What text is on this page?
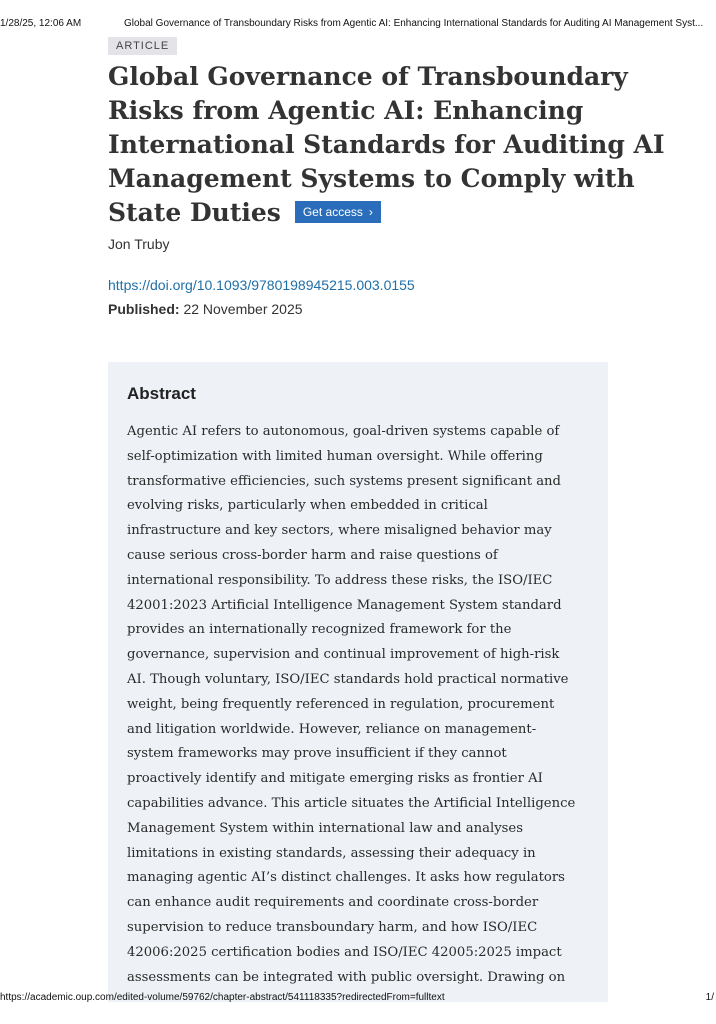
1/28/25, 12:06 AM	Global Governance of Transboundary Risks from Agentic AI: Enhancing International Standards for Auditing AI Management Syst...
ARTICLE
Global Governance of Transboundary
Risks from Agentic AI: Enhancing
International Standards for Auditing AI
Management Systems to Comply with
State Duties Get access ›
Jon Truby
https://doi.org/10.1093/9780198945215.003.0155
Published: 22 November 2025
Abstract
Agentic AI refers to autonomous, goal-driven systems capable of
self-optimization with limited human oversight. While offering
transformative efficiencies, such systems present significant and
evolving risks, particularly when embedded in critical
infrastructure and key sectors, where misaligned behavior may
cause serious cross-border harm and raise questions of
international responsibility. To address these risks, the ISO/IEC
42001:2023 Artificial Intelligence Management System standard
provides an internationally recognized framework for the
governance, supervision and continual improvement of high-risk
AI. Though voluntary, ISO/IEC standards hold practical normative
weight, being frequently referenced in regulation, procurement
and litigation worldwide. However, reliance on management-
system frameworks may prove insufficient if they cannot
proactively identify and mitigate emerging risks as frontier AI
capabilities advance. This article situates the Artificial Intelligence
Management System within international law and analyses
limitations in existing standards, assessing their adequacy in
managing agentic AI’s distinct challenges. It asks how regulators
can enhance audit requirements and coordinate cross-border
supervision to reduce transboundary harm, and how ISO/IEC
42006:2025 certification bodies and ISO/IEC 42005:2025 impact
assessments can be integrated with public oversight. Drawing on
https://academic.oup.com/edited-volume/59762/chapter-abstract/541118335?redirectedFrom=fulltext	1/
